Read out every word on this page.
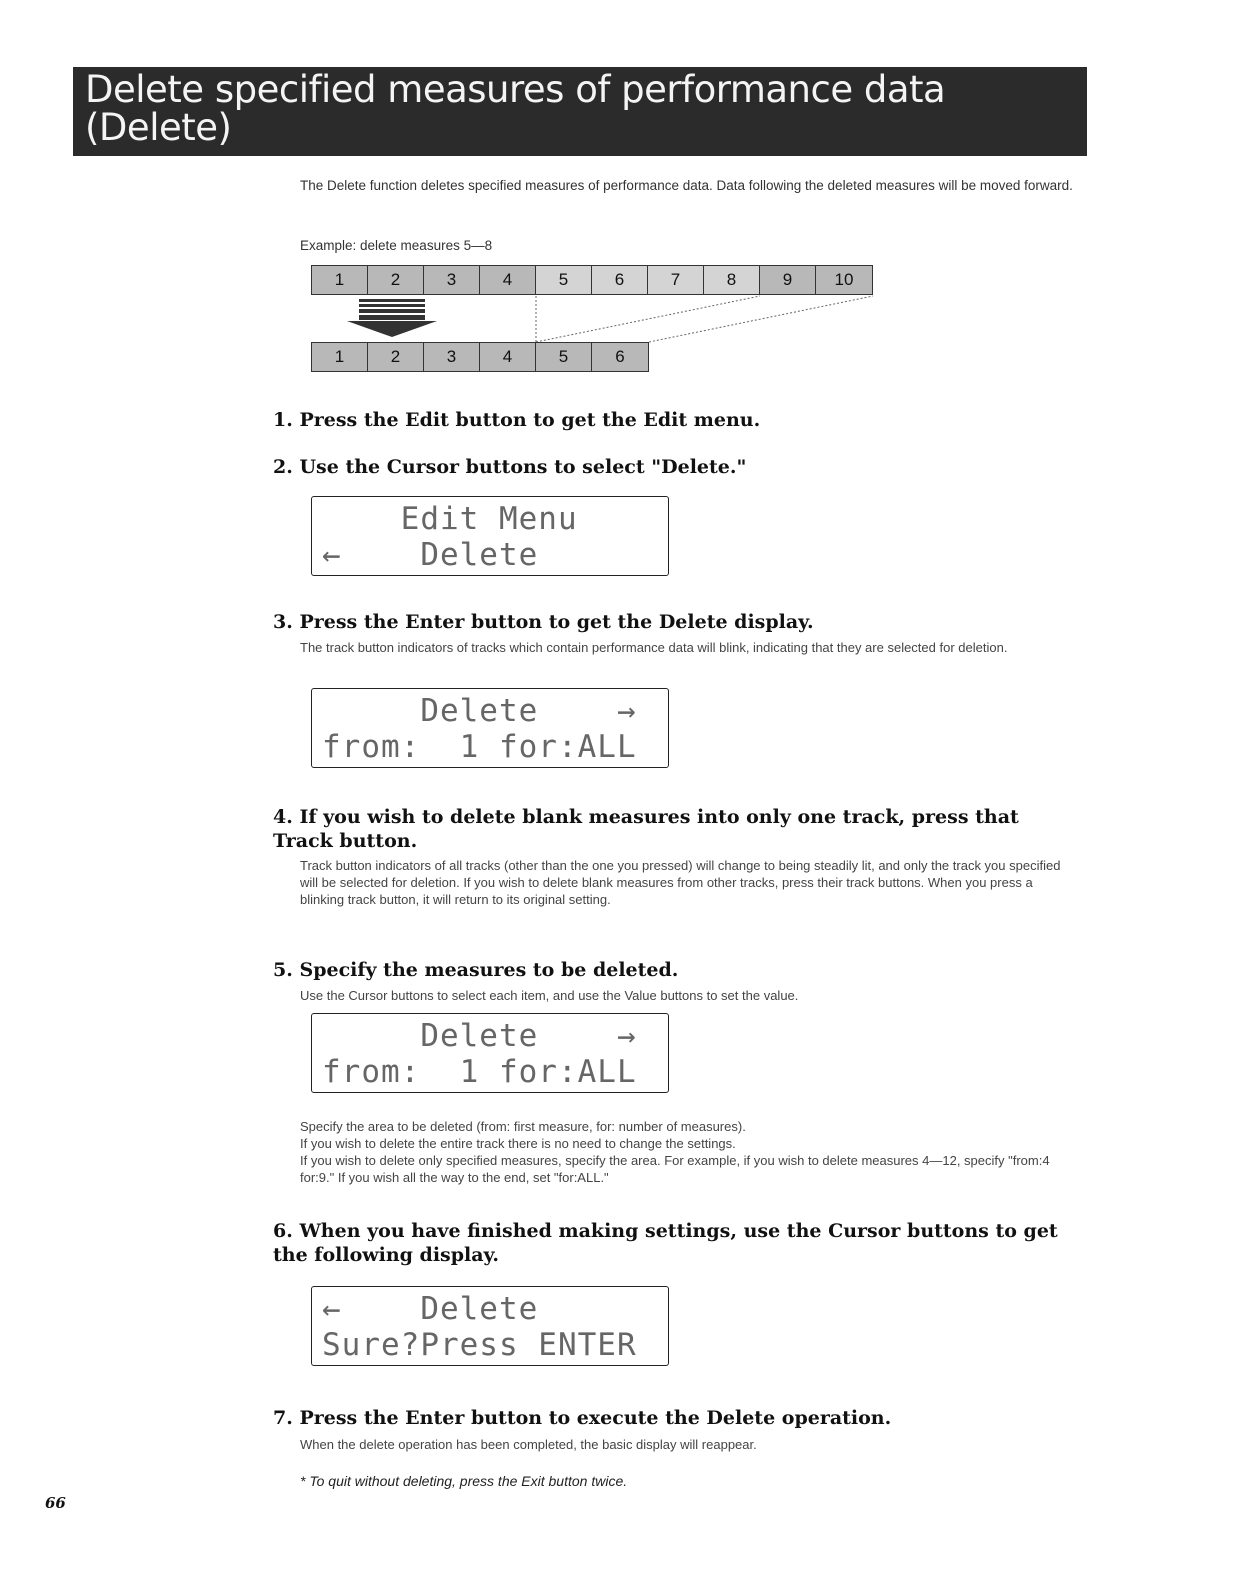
Delete specified measures of performance data
(Delete)

The Delete function deletes specified measures of performance data. Data following the deleted measures will be moved forward.

Example: delete measures 5—8
1	2	3	4	5	6	7	8	9	10
1	2	3	4	5	6
1. Press the Edit button to get the Edit menu.
2. Use the Cursor buttons to select "Delete."
Edit Menu
←    Delete
3. Press the Enter button to get the Delete display.

The track button indicators of tracks which contain performance data will blink, indicating that they are selected for deletion.

Delete    →
from:  1 for:ALL
4. If you wish to delete blank measures into only one track, press that Track button.

Track button indicators of all tracks (other than the one you pressed) will change to being steadily lit, and only the track you specified will be selected for deletion. If you wish to delete blank measures from other tracks, press their track buttons. When you press a blinking track button, it will return to its original setting.

5. Specify the measures to be deleted.

Use the Cursor buttons to select each item, and use the Value buttons to set the value.

Delete    →
from:  1 for:ALL

Specify the area to be deleted (from: first measure, for: number of measures).

If you wish to delete the entire track there is no need to change the settings.

If you wish to delete only specified measures, specify the area. For example, if you wish to delete measures 4—12, specify "from:4 for:9." If you wish all the way to the end, set "for:ALL."

6. When you have finished making settings, use the Cursor buttons to get the following display.
←    Delete
Sure?Press ENTER
7. Press the Enter button to execute the Delete operation.

When the delete operation has been completed, the basic display will reappear.

* To quit without deleting, press the Exit button twice.
66
